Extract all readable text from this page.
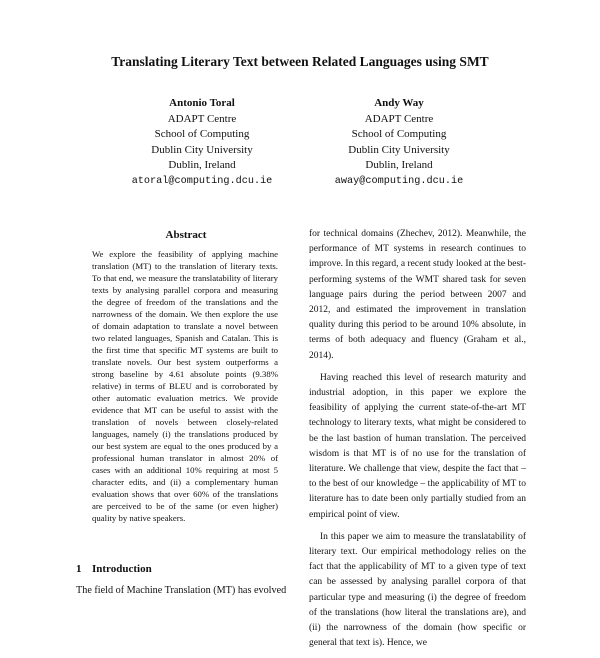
Translating Literary Text between Related Languages using SMT
Antonio Toral
ADAPT Centre
School of Computing
Dublin City University
Dublin, Ireland
atoral@computing.dcu.ie
Andy Way
ADAPT Centre
School of Computing
Dublin City University
Dublin, Ireland
away@computing.dcu.ie
Abstract

We explore the feasibility of applying machine translation (MT) to the translation of literary texts. To that end, we measure the translatability of literary texts by analysing parallel corpora and measuring the degree of freedom of the translations and the narrowness of the domain. We then explore the use of domain adaptation to translate a novel between two related languages, Spanish and Catalan. This is the first time that specific MT systems are built to translate novels. Our best system outperforms a strong baseline by 4.61 absolute points (9.38% relative) in terms of BLEU and is corroborated by other automatic evaluation metrics. We provide evidence that MT can be useful to assist with the translation of novels between closely-related languages, namely (i) the translations produced by our best system are equal to the ones produced by a professional human translator in almost 20% of cases with an additional 10% requiring at most 5 character edits, and (ii) a complementary human evaluation shows that over 60% of the translations are perceived to be of the same (or even higher) quality by native speakers.

1 Introduction

The field of Machine Translation (MT) has evolved

for technical domains (Zhechev, 2012). Meanwhile, the performance of MT systems in research continues to improve. In this regard, a recent study looked at the best-performing systems of the WMT shared task for seven language pairs during the period between 2007 and 2012, and estimated the improvement in translation quality during this period to be around 10% absolute, in terms of both adequacy and fluency (Graham et al., 2014).

Having reached this level of research maturity and industrial adoption, in this paper we explore the feasibility of applying the current state-of-the-art MT technology to literary texts, what might be considered to be the last bastion of human translation. The perceived wisdom is that MT is of no use for the translation of literature. We challenge that view, despite the fact that – to the best of our knowledge – the applicability of MT to literature has to date been only partially studied from an empirical point of view.

In this paper we aim to measure the translatability of literary text. Our empirical methodology relies on the fact that the applicability of MT to a given type of text can be assessed by analysing parallel corpora of that particular type and measuring (i) the degree of freedom of the translations (how literal the translations are), and (ii) the narrowness of the domain (how specific or general that text is). Hence, we
